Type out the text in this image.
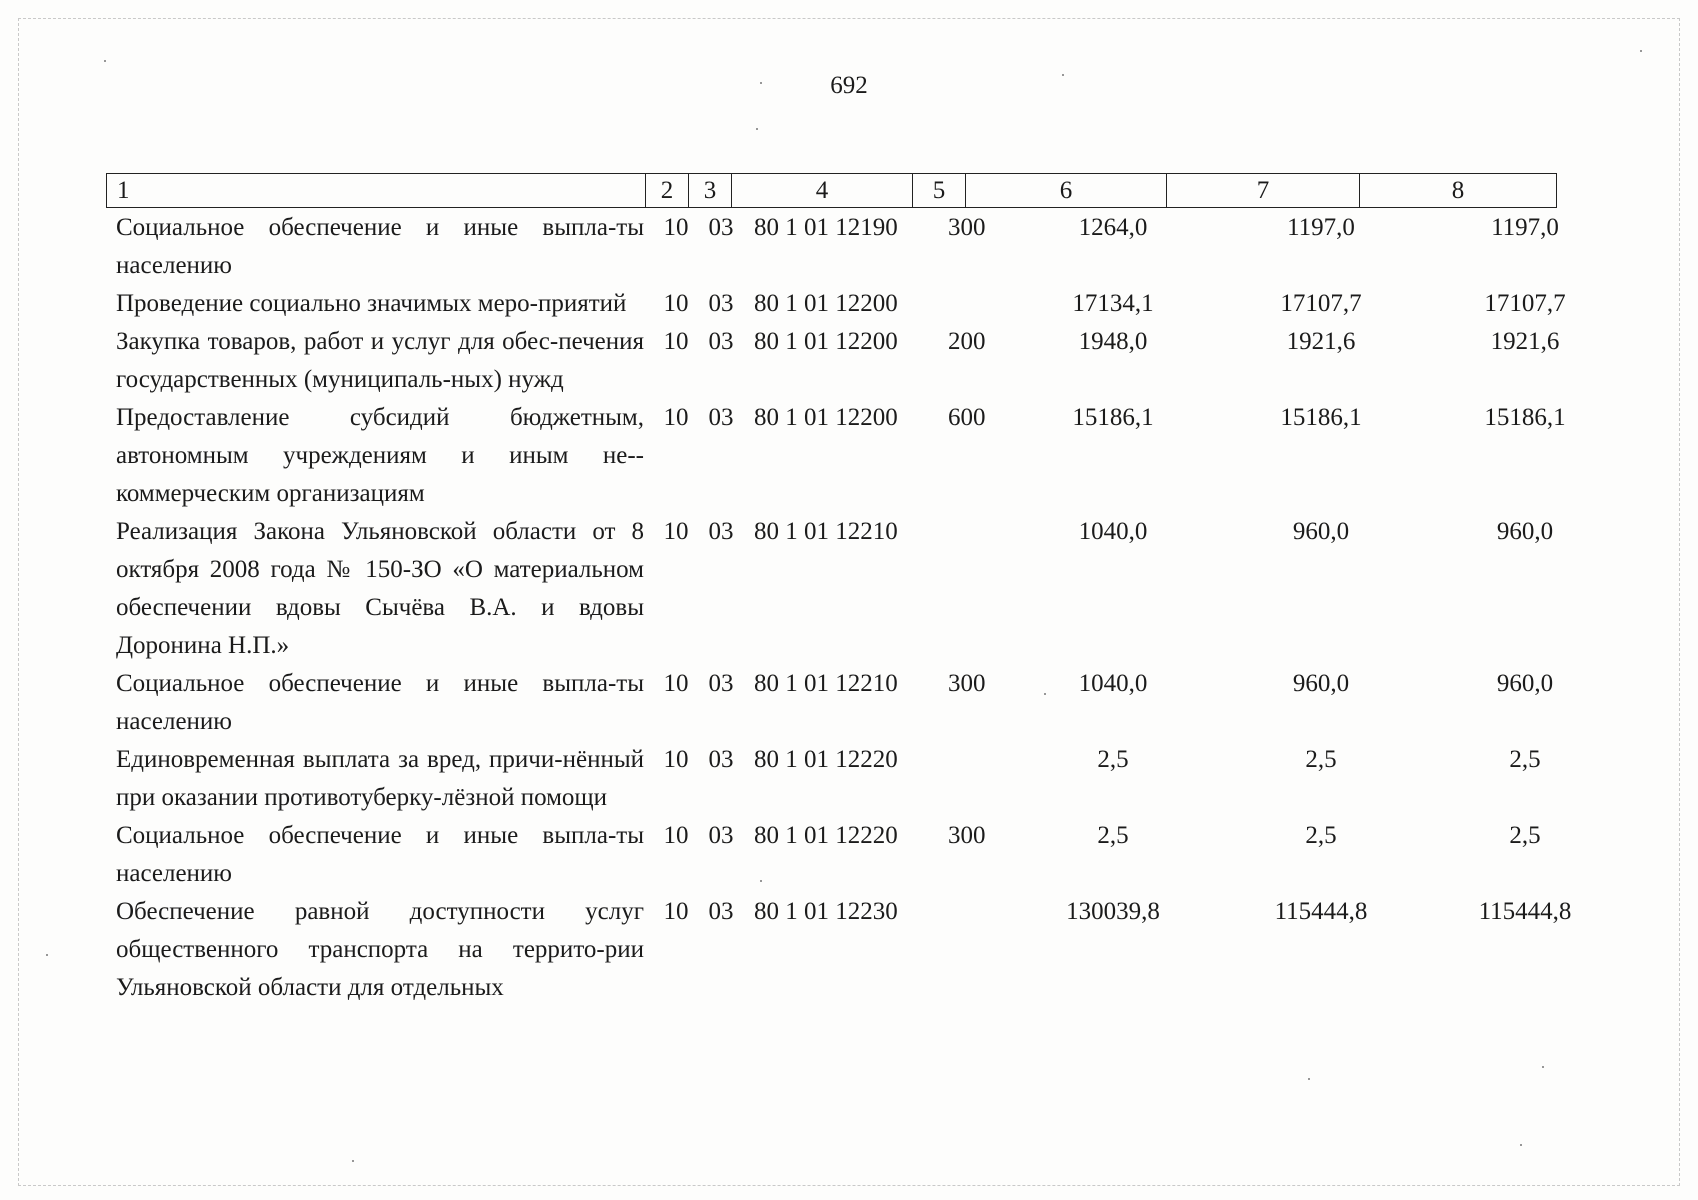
692
1	2	3	4	5	6	7	8
Социальное обеспечение и иные выпла-ты населению	10	03	80 1 01 12190	300	1264,0	1197,0	1197,0
Проведение социально значимых меро-приятий	10	03	80 1 01 12200		17134,1	17107,7	17107,7
Закупка товаров, работ и услуг для обес-печения государственных (муниципаль-ных) нужд	10	03	80 1 01 12200	200	1948,0	1921,6	1921,6
Предоставление субсидий бюджетным, автономным учреждениям и иным не-коммерческим организациям	10	03	80 1 01 12200	600	15186,1	15186,1	15186,1
Реализация Закона Ульяновской области от 8 октября 2008 года № 150-ЗО «О материальном обеспечении вдовы Сычёва В.А. и вдовы Доронина Н.П.»	10	03	80 1 01 12210		1040,0	960,0	960,0
Социальное обеспечение и иные выпла-ты населению	10	03	80 1 01 12210	300	1040,0	960,0	960,0
Единовременная выплата за вред, причи-нённый при оказании противотуберку-лёзной помощи	10	03	80 1 01 12220		2,5	2,5	2,5
Социальное обеспечение и иные выпла-ты населению	10	03	80 1 01 12220	300	2,5	2,5	2,5
Обеспечение равной доступности услуг общественного транспорта на террито-рии Ульяновской области для отдельных	10	03	80 1 01 12230		130039,8	115444,8	115444,8
